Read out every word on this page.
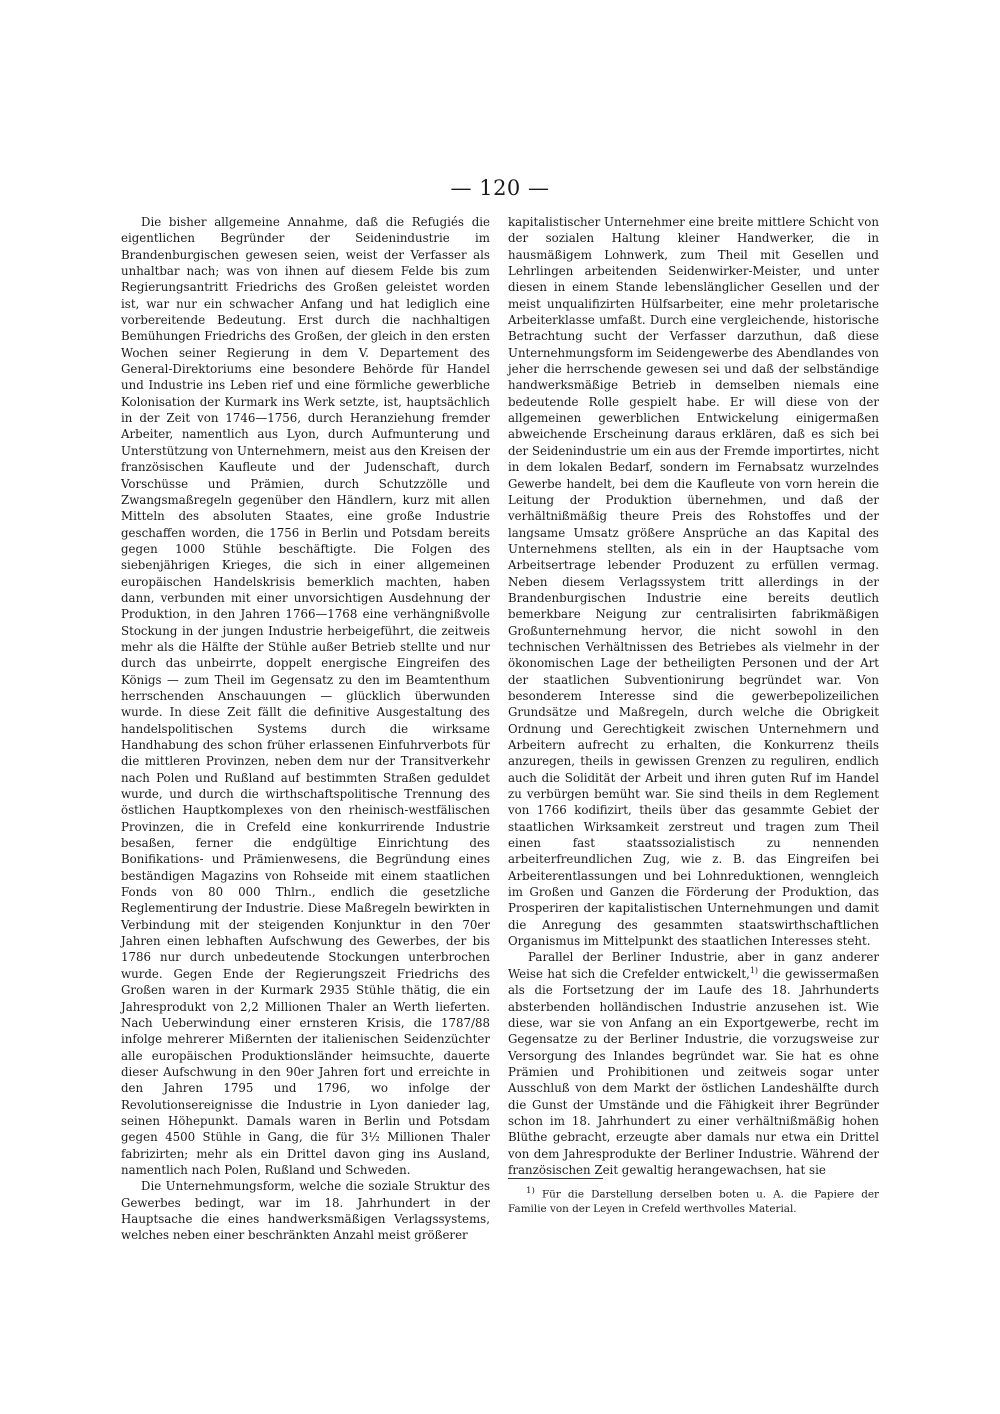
— 120 —

Die bisher allgemeine Annahme, daß die Refugiés die eigentlichen Begründer der Seidenindustrie im Brandenburgischen gewesen seien, weist der Verfasser als unhaltbar nach; was von ihnen auf diesem Felde bis zum Regierungsantritt Friedrichs des Großen geleistet worden ist, war nur ein schwacher Anfang und hat lediglich eine vorbereitende Bedeutung. Erst durch die nachhaltigen Bemühungen Friedrichs des Großen, der gleich in den ersten Wochen seiner Regierung in dem V. Departement des General-Direktoriums eine besondere Behörde für Handel und Industrie ins Leben rief und eine förmliche gewerbliche Kolonisation der Kurmark ins Werk setzte, ist, hauptsächlich in der Zeit von 1746—1756, durch Heranziehung fremder Arbeiter, namentlich aus Lyon, durch Aufmunterung und Unterstützung von Unternehmern, meist aus den Kreisen der französischen Kaufleute und der Judenschaft, durch Vorschüsse und Prämien, durch Schutzzölle und Zwangsmaßregeln gegenüber den Händlern, kurz mit allen Mitteln des absoluten Staates, eine große Industrie geschaffen worden, die 1756 in Berlin und Potsdam bereits gegen 1000 Stühle beschäftigte. Die Folgen des siebenjährigen Krieges, die sich in einer allgemeinen europäischen Handelskrisis bemerklich machten, haben dann, verbunden mit einer unvorsichtigen Ausdehnung der Produktion, in den Jahren 1766—1768 eine verhängnißvolle Stockung in der jungen Industrie herbeigeführt, die zeitweis mehr als die Hälfte der Stühle außer Betrieb stellte und nur durch das unbeirrte, doppelt energische Eingreifen des Königs — zum Theil im Gegensatz zu den im Beamtenthum herrschenden Anschauungen — glücklich überwunden wurde. In diese Zeit fällt die definitive Ausgestaltung des handelspolitischen Systems durch die wirksame Handhabung des schon früher erlassenen Einfuhrverbots für die mittleren Provinzen, neben dem nur der Transitverkehr nach Polen und Rußland auf bestimmten Straßen geduldet wurde, und durch die wirthschaftspolitische Trennung des östlichen Hauptkomplexes von den rheinisch-westfälischen Provinzen, die in Crefeld eine konkurrirende Industrie besaßen, ferner die endgültige Einrichtung des Bonifikations- und Prämienwesens, die Begründung eines beständigen Magazins von Rohseide mit einem staatlichen Fonds von 80 000 Thlrn., endlich die gesetzliche Reglementirung der Industrie. Diese Maßregeln bewirkten in Verbindung mit der steigenden Konjunktur in den 70er Jahren einen lebhaften Aufschwung des Gewerbes, der bis 1786 nur durch unbedeutende Stockungen unterbrochen wurde. Gegen Ende der Regierungszeit Friedrichs des Großen waren in der Kurmark 2935 Stühle thätig, die ein Jahresprodukt von 2,2 Millionen Thaler an Werth lieferten. Nach Ueberwindung einer ernsteren Krisis, die 1787/88 infolge mehrerer Mißernten der italienischen Seidenzüchter alle europäischen Produktionsländer heimsuchte, dauerte dieser Aufschwung in den 90er Jahren fort und erreichte in den Jahren 1795 und 1796, wo infolge der Revolutionsereignisse die Industrie in Lyon danieder lag, seinen Höhepunkt. Damals waren in Berlin und Potsdam gegen 4500 Stühle in Gang, die für 3½ Millionen Thaler fabrizirten; mehr als ein Drittel davon ging ins Ausland, namentlich nach Polen, Rußland und Schweden.

Die Unternehmungsform, welche die soziale Struktur des Gewerbes bedingt, war im 18. Jahrhundert in der Hauptsache die eines handwerksmäßigen Verlagssystems, welches neben einer beschränkten Anzahl meist größerer

kapitalistischer Unternehmer eine breite mittlere Schicht von der sozialen Haltung kleiner Handwerker, die in hausmäßigem Lohnwerk, zum Theil mit Gesellen und Lehrlingen arbeitenden Seidenwirker-Meister, und unter diesen in einem Stande lebenslänglicher Gesellen und der meist unqualifizirten Hülfsarbeiter, eine mehr proletarische Arbeiterklasse umfaßt. Durch eine vergleichende, historische Betrachtung sucht der Verfasser darzuthun, daß diese Unternehmungsform im Seidengewerbe des Abendlandes von jeher die herrschende gewesen sei und daß der selbständige handwerksmäßige Betrieb in demselben niemals eine bedeutende Rolle gespielt habe. Er will diese von der allgemeinen gewerblichen Entwickelung einigermaßen abweichende Erscheinung daraus erklären, daß es sich bei der Seidenindustrie um ein aus der Fremde importirtes, nicht in dem lokalen Bedarf, sondern im Fernabsatz wurzelndes Gewerbe handelt, bei dem die Kaufleute von vorn herein die Leitung der Produktion übernehmen, und daß der verhältnißmäßig theure Preis des Rohstoffes und der langsame Umsatz größere Ansprüche an das Kapital des Unternehmens stellten, als ein in der Hauptsache vom Arbeitsertrage lebender Produzent zu erfüllen vermag. Neben diesem Verlagssystem tritt allerdings in der Brandenburgischen Industrie eine bereits deutlich bemerkbare Neigung zur centralisirten fabrikmäßigen Großunternehmung hervor, die nicht sowohl in den technischen Verhältnissen des Betriebes als vielmehr in der ökonomischen Lage der betheiligten Personen und der Art der staatlichen Subventionirung begründet war. Von besonderem Interesse sind die gewerbepolizeilichen Grundsätze und Maßregeln, durch welche die Obrigkeit Ordnung und Gerechtigkeit zwischen Unternehmern und Arbeitern aufrecht zu erhalten, die Konkurrenz theils anzuregen, theils in gewissen Grenzen zu reguliren, endlich auch die Solidität der Arbeit und ihren guten Ruf im Handel zu verbürgen bemüht war. Sie sind theils in dem Reglement von 1766 kodifizirt, theils über das gesammte Gebiet der staatlichen Wirksamkeit zerstreut und tragen zum Theil einen fast staatssozialistisch zu nennenden arbeiterfreundlichen Zug, wie z. B. das Eingreifen bei Arbeiterentlassungen und bei Lohnreduktionen, wenngleich im Großen und Ganzen die Förderung der Produktion, das Prosperiren der kapitalistischen Unternehmungen und damit die Anregung des gesammten staatswirthschaftlichen Organismus im Mittelpunkt des staatlichen Interesses steht.

Parallel der Berliner Industrie, aber in ganz anderer Weise hat sich die Crefelder entwickelt,$^{1)}$ die gewissermaßen als die Fortsetzung der im Laufe des 18. Jahrhunderts absterbenden holländischen Industrie anzusehen ist. Wie diese, war sie von Anfang an ein Exportgewerbe, recht im Gegensatze zu der Berliner Industrie, die vorzugsweise zur Versorgung des Inlandes begründet war. Sie hat es ohne Prämien und Prohibitionen und zeitweis sogar unter Ausschluß von dem Markt der östlichen Landeshälfte durch die Gunst der Umstände und die Fähigkeit ihrer Begründer schon im 18. Jahrhundert zu einer verhältnißmäßig hohen Blüthe gebracht, erzeugte aber damals nur etwa ein Drittel von dem Jahresprodukte der Berliner Industrie. Während der französischen Zeit gewaltig herangewachsen, hat sie

$^{1)}$ Für die Darstellung derselben boten u. A. die Papiere der Familie von der Leyen in Crefeld werthvolles Material.
